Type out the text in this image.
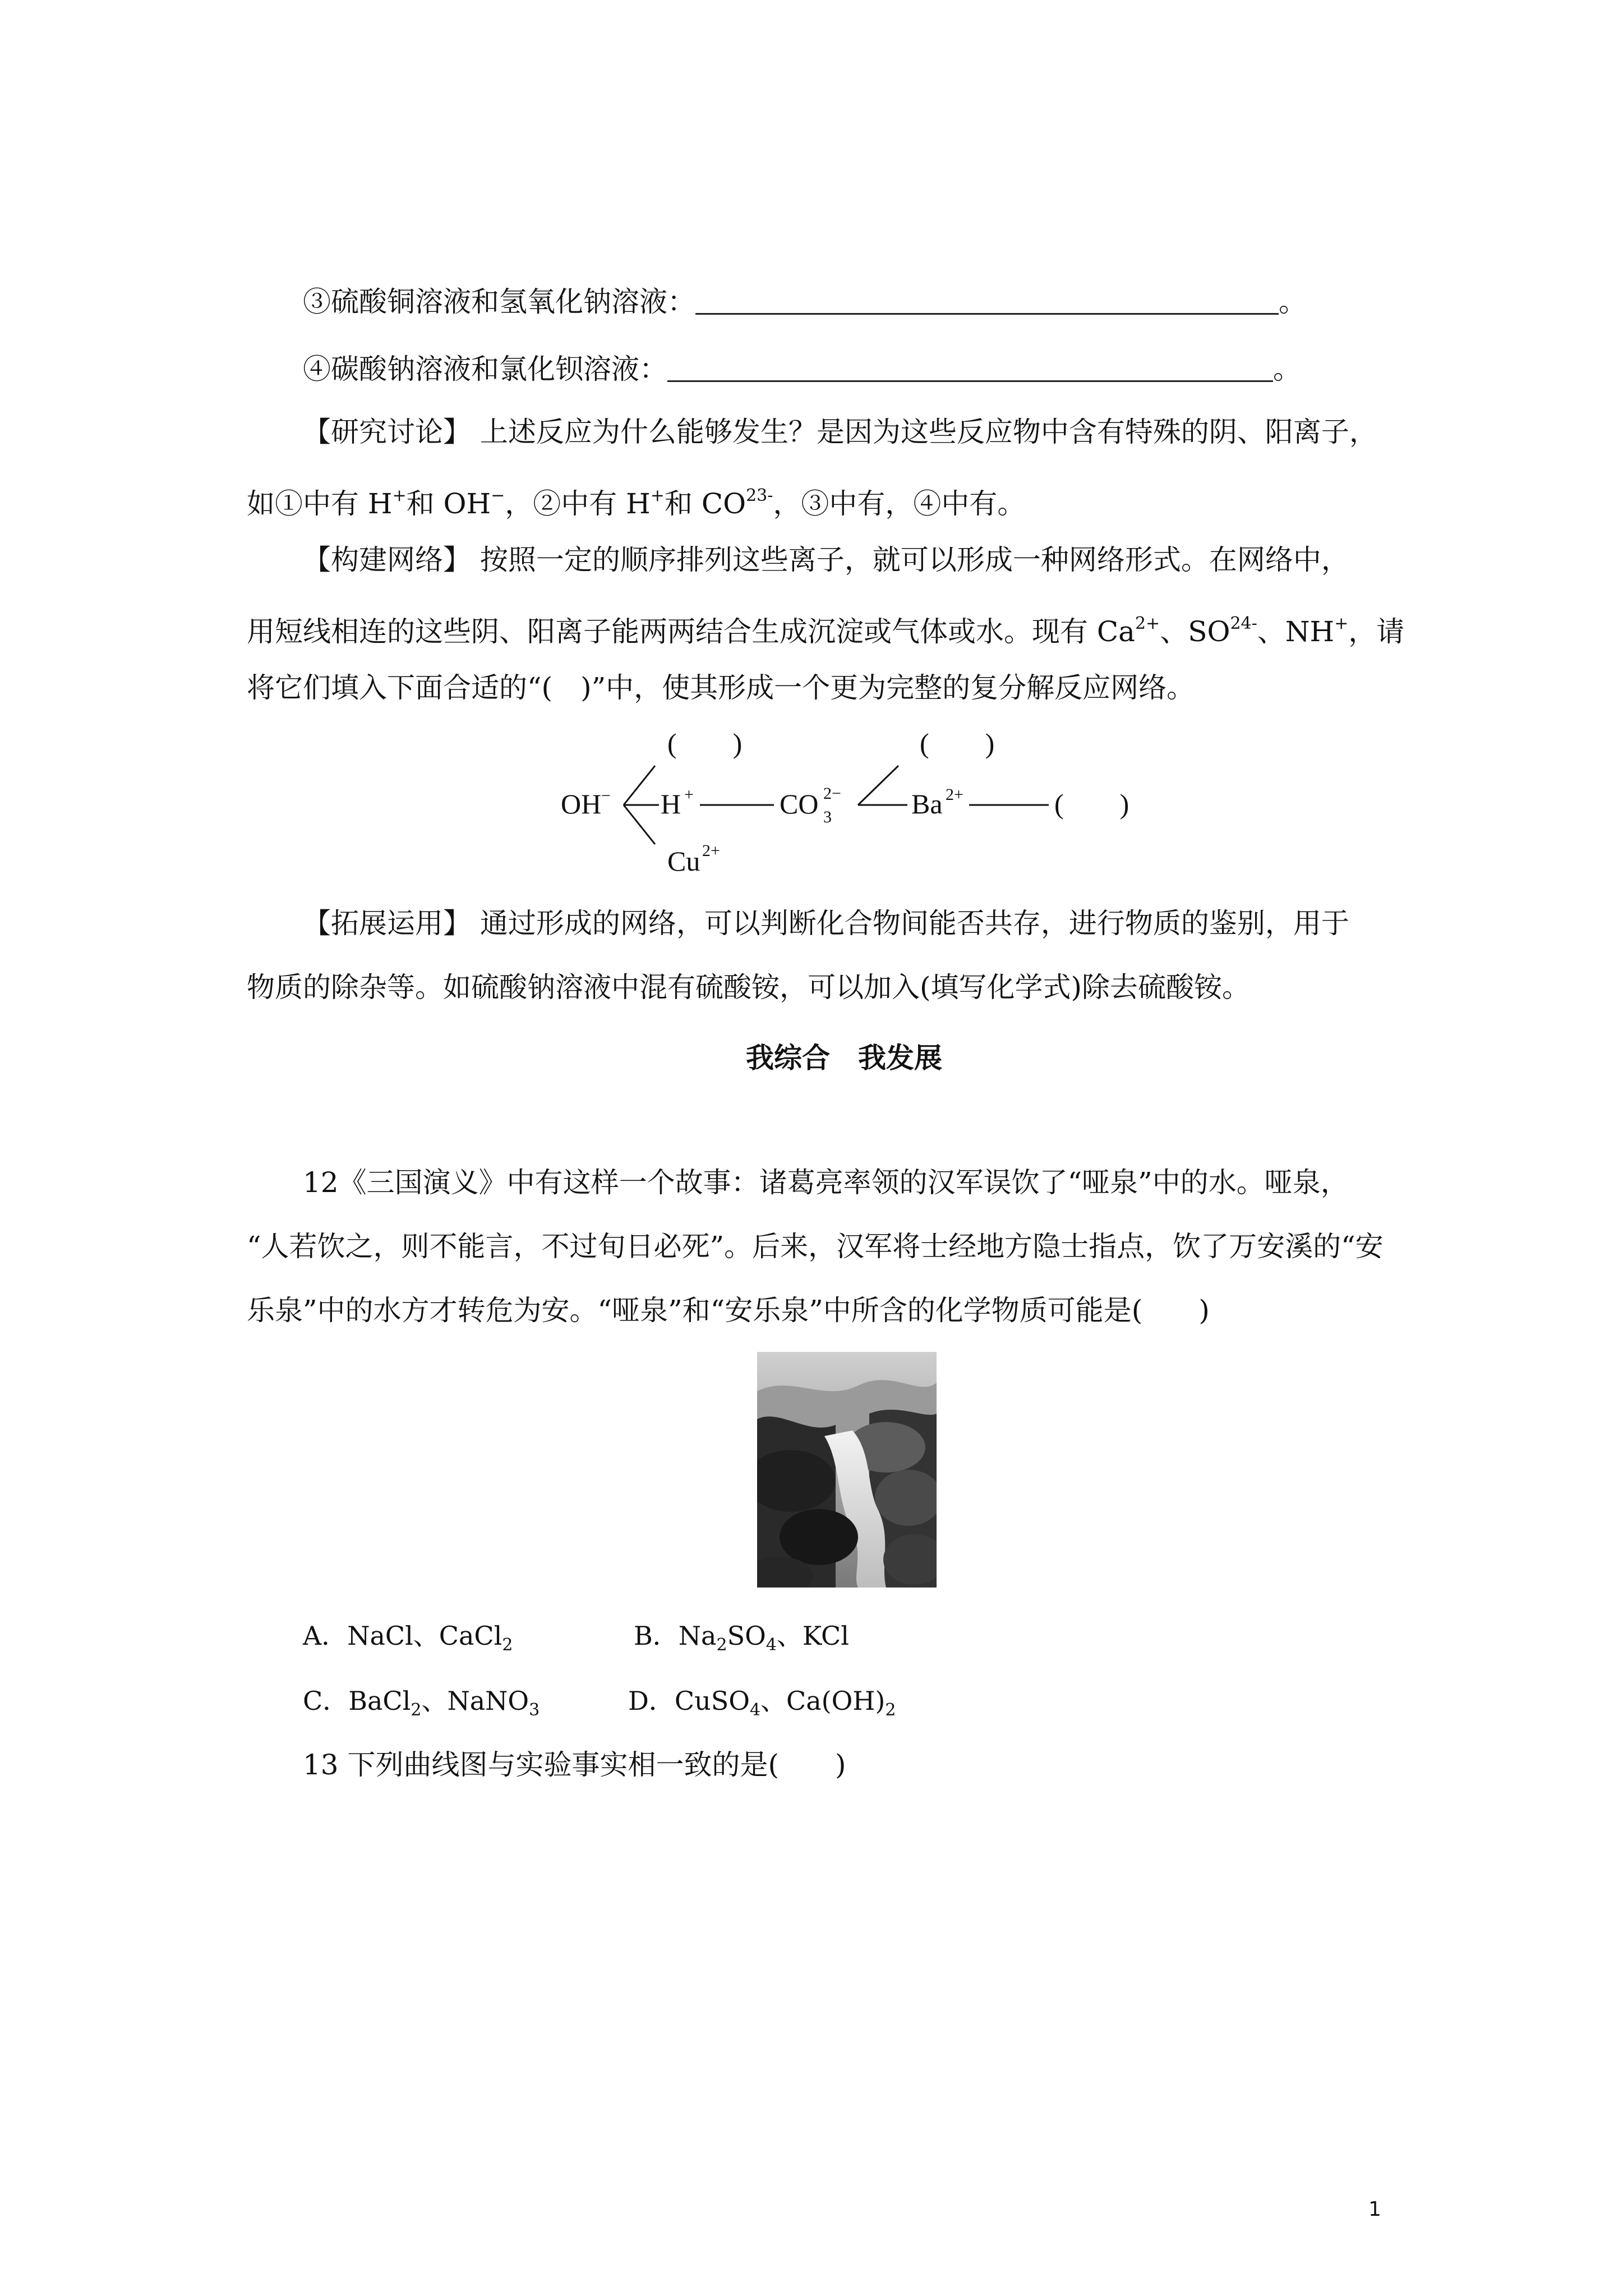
③硫酸铜溶液和氢氧化钠溶液：	。
④碳酸钠溶液和氯化钡溶液：	。
【研究讨论】 上述反应为什么能够发生？是因为这些反应物中含有特殊的阴、阳离子，
如①中有 H+和 OH−，②中有 H+和 $CO^{23-}$，③中有，④中有。
【构建网络】 按照一定的顺序排列这些离子，就可以形成一种网络形式。在网络中，
用短线相连的这些阴、阳离子能两两结合生成沉淀或气体或水。现有 $Ca^{2+}$、$SO^{24-}$、NH+，请
将它们填入下面合适的“(　)”中，使其形成一个更为完整的复分解反应网络。
(　　)	(　　)
OH − H +	CO 3
2−	Ba 2+	(　　)
Cu 2+
【拓展运用】 通过形成的网络，可以判断化合物间能否共存，进行物质的鉴别，用于
物质的除杂等。如硫酸钠溶液中混有硫酸铵，可以加入(填写化学式)除去硫酸铵。
我综合　我发展
12《三国演义》中有这样一个故事：诸葛亮率领的汉军误饮了“哑泉”中的水。哑泉，
“人若饮之，则不能言，不过旬日必死”。后来，汉军将士经地方隐士指点，饮了万安溪的“安
乐泉”中的水方才转危为安。“哑泉”和“安乐泉”中所含的化学物质可能是(　　)
A．NaCl、CaCl$_2$	B．$Na_2SO_4$、KCl
C．BaCl$_2$、NaNO$_3$	D．CuSO$_4$、$Ca(OH)_2$
13 下列曲线图与实验事实相一致的是(　　)
1
